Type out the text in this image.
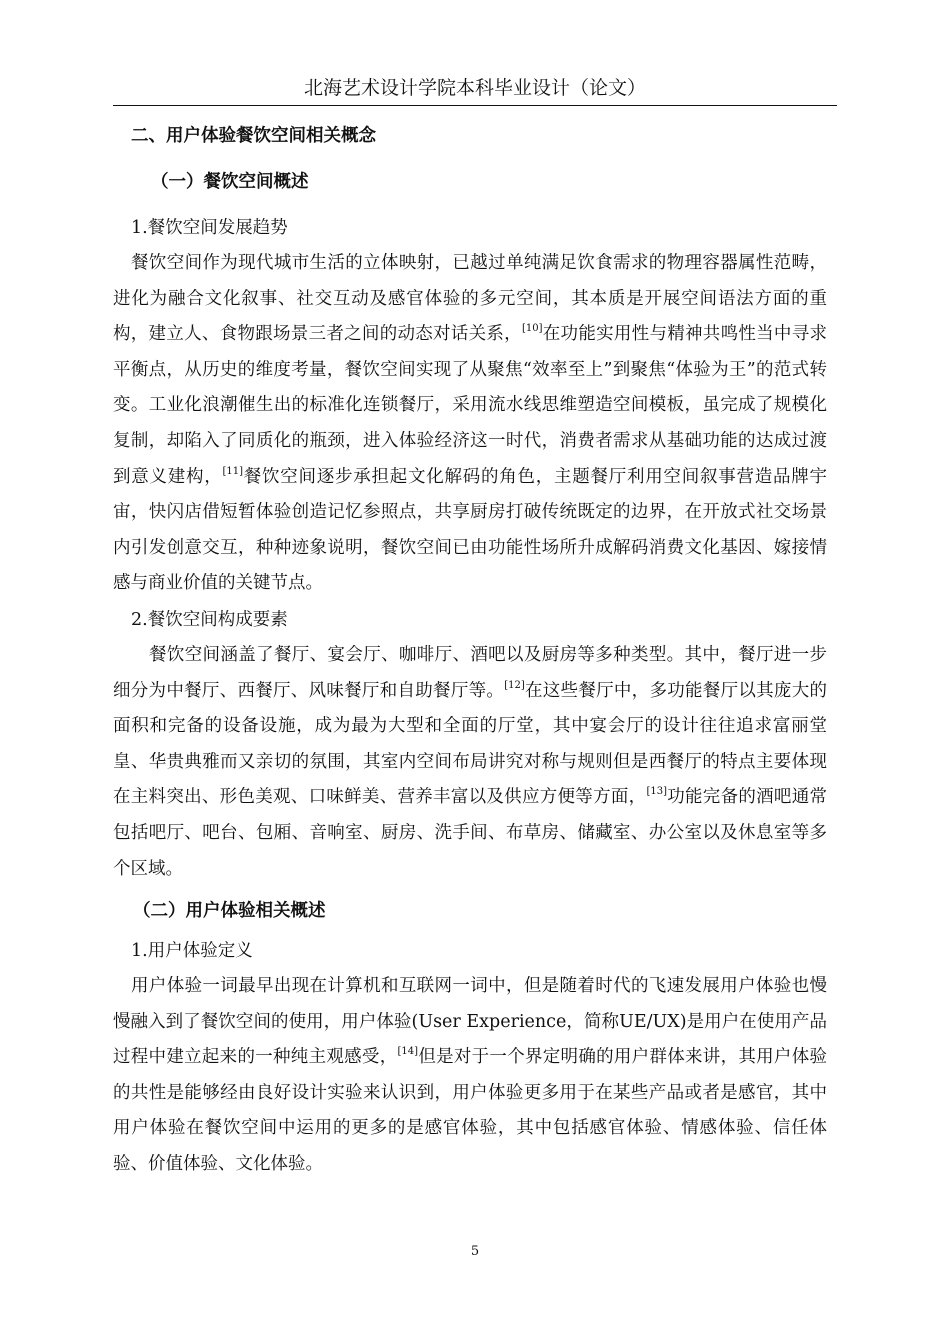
北海艺术设计学院本科毕业设计（论文）
二、用户体验餐饮空间相关概念
（一）餐饮空间概述
1.餐饮空间发展趋势

餐饮空间作为现代城市生活的立体映射，已越过单纯满足饮食需求的物理容器属性范畴，进化为融合文化叙事、社交互动及感官体验的多元空间，其本质是开展空间语法方面的重构，建立人、食物跟场景三者之间的动态对话关系，[10]在功能实用性与精神共鸣性当中寻求平衡点，从历史的维度考量，餐饮空间实现了从聚焦“效率至上”到聚焦“体验为王”的范式转变。工业化浪潮催生出的标准化连锁餐厅，采用流水线思维塑造空间模板，虽完成了规模化复制，却陷入了同质化的瓶颈，进入体验经济这一时代，消费者需求从基础功能的达成过渡到意义建构，[11]餐饮空间逐步承担起文化解码的角色，主题餐厅利用空间叙事营造品牌宇宙，快闪店借短暂体验创造记忆参照点，共享厨房打破传统既定的边界，在开放式社交场景内引发创意交互，种种迹象说明，餐饮空间已由功能性场所升成解码消费文化基因、嫁接情感与商业价值的关键节点。

2.餐饮空间构成要素

餐饮空间涵盖了餐厅、宴会厅、咖啡厅、酒吧以及厨房等多种类型。其中，餐厅进一步细分为中餐厅、西餐厅、风味餐厅和自助餐厅等。[12]在这些餐厅中，多功能餐厅以其庞大的面积和完备的设备设施，成为最为大型和全面的厅堂，其中宴会厅的设计往往追求富丽堂皇、华贵典雅而又亲切的氛围，其室内空间布局讲究对称与规则但是西餐厅的特点主要体现在主料突出、形色美观、口味鲜美、营养丰富以及供应方便等方面，[13]功能完备的酒吧通常包括吧厅、吧台、包厢、音响室、厨房、洗手间、布草房、储藏室、办公室以及休息室等多个区域。

（二）用户体验相关概述
1.用户体验定义

用户体验一词最早出现在计算机和互联网一词中，但是随着时代的飞速发展用户体验也慢慢融入到了餐饮空间的使用，用户体验(User Experience，简称UE/UX)是用户在使用产品过程中建立起来的一种纯主观感受，[14]但是对于一个界定明确的用户群体来讲，其用户体验的共性是能够经由良好设计实验来认识到，用户体验更多用于在某些产品或者是感官，其中用户体验在餐饮空间中运用的更多的是感官体验，其中包括感官体验、情感体验、信任体验、价值体验、文化体验。

5
